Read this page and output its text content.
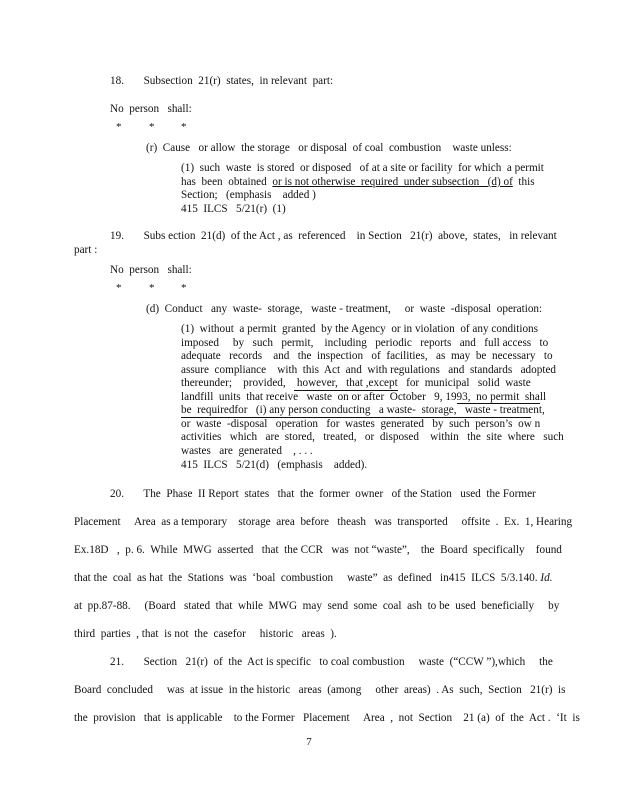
18.       Subsection  21(r)  states,  in relevant  part:
No  person   shall:
*	* *
(r)  Cause   or allow  the storage   or disposal  of coal  combustion    waste unless:
(1)  such  waste  is stored  or disposed   of at a site or facility  for which  a permit
has  been  obtained  or is not otherwise  required  under subsection   (d) of  this
Section;   (emphasis    added )
415  ILCS   5/21(r)  (1)
19.       Subs ection  21(d)  of the Act , as  referenced    in Section   21(r)  above,  states,   in relevant
part :
No  person   shall:
*	* *
(d)  Conduct   any  waste-  storage,   waste - treatment,     or  waste  -disposal  operation:
(1)  without  a permit  granted  by the Agency  or in violation  of any conditions
imposed     by   such   permit,    including   periodic   reports   and   full access   to
adequate   records    and   the  inspection   of  facilities,   as  may  be  necessary   to
assure  compliance    with  this  Act  and  with regulations   and  standards   adopted
thereunder;    provided,    however,   that ,except   for  municipal   solid  waste
landfill  units  that receive   waste  on or after  October   9, 1993,  no permit  shall
be  requiredfor   (i) any person conducting   a waste-  storage,   waste - treatment,
or  waste  -disposal   operation   for  wastes  generated   by  such  person’s  ow n
activities   which   are  stored,   treated,   or  disposed    within   the  site  where   such
wastes   are  generated    , . . .
415  ILCS   5/21(d)   (emphasis    added).
20.       The  Phase  II Report  states   that  the  former  owner   of the Station   used  the Former
Placement     Area  as a temporary    storage  area  before   theash   was  transported     offsite  .  Ex.  1, Hearing
Ex.18D   ,  p. 6.  While  MWG  asserted   that  the CCR   was  not “waste”,    the  Board  specifically    found
that the  coal  as hat  the  Stations  was  ‘boal  combustion     waste”  as  defined   in415  ILCS  5/3.140. Id.
at  pp.87-88.     (Board   stated  that  while  MWG  may  send  some  coal  ash  to be  used  beneficially     by
third  parties  , that  is not  the  casefor     historic   areas  ).
21.       Section   21(r)  of  the  Act is specific   to coal combustion     waste  (“CCW ”),which     the
Board  concluded     was  at issue  in the historic   areas  (among     other  areas)  . As  such,  Section   21(r)  is
the  provision   that  is applicable    to the Former   Placement     Area  ,  not  Section    21 (a)  of  the  Act .  ‘It  is
7
